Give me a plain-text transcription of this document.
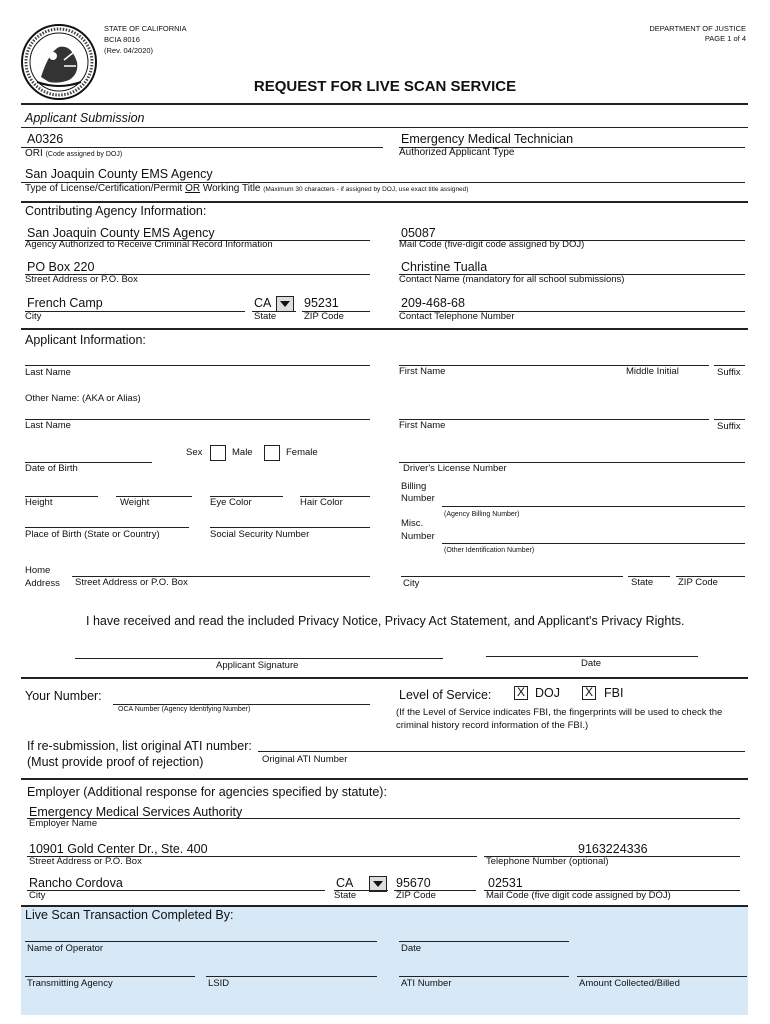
STATE OF CALIFORNIA
BCIA 8016
(Rev. 04/2020)
DEPARTMENT OF JUSTICE
PAGE 1 of 4
REQUEST FOR LIVE SCAN SERVICE
Applicant Submission
A0326
ORI (Code assigned by DOJ)
Emergency Medical Technician
Authorized Applicant Type
San Joaquin County EMS Agency
Type of License/Certification/Permit OR Working Title (Maximum 30 characters - if assigned by DOJ, use exact title assigned)
Contributing Agency Information:
San Joaquin County EMS Agency
Agency Authorized to Receive Criminal Record Information
05087
Mail Code (five-digit code assigned by DOJ)
PO Box 220
Street Address or P.O. Box
Christine Tualla
Contact Name (mandatory for all school submissions)
French Camp
City
CA
State
95231
ZIP Code
209-468-68
Contact Telephone Number
Applicant Information:
Last Name	First Name	Middle Initial	Suffix
Other Name: (AKA or Alias)
Last Name	First Name	Suffix
Sex	Male	Female
Date of Birth	Driver's License Number
Height	Weight	Eye Color	Hair Color
Billing
Number
(Agency Billing Number)
Place of Birth (State or Country)	Social Security Number
Misc.
Number
(Other Identification Number)
Home
Address Street Address or P.O. Box	City	State	ZIP Code
I have received and read the included Privacy Notice, Privacy Act Statement, and Applicant's Privacy Rights.
Applicant Signature	Date
Your Number:
OCA Number (Agency Identifying Number)
Level of Service: X DOJ X FBI
(If the Level of Service indicates FBI, the fingerprints will be used to check the
criminal history record information of the FBI.)
If re-submission, list original ATI number:
(Must provide proof of rejection)	Original ATI Number
Employer (Additional response for agencies specified by statute):
Emergency Medical Services Authority
Employer Name
10901 Gold Center Dr., Ste. 400
Street Address or P.O. Box
9163224336
Telephone Number (optional)
Rancho Cordova
City
CA
State
95670
ZIP Code
02531
Mail Code (five digit code assigned by DOJ)
Live Scan Transaction Completed By:
Name of Operator	Date
Transmitting Agency	LSID	ATI Number	Amount Collected/Billed
